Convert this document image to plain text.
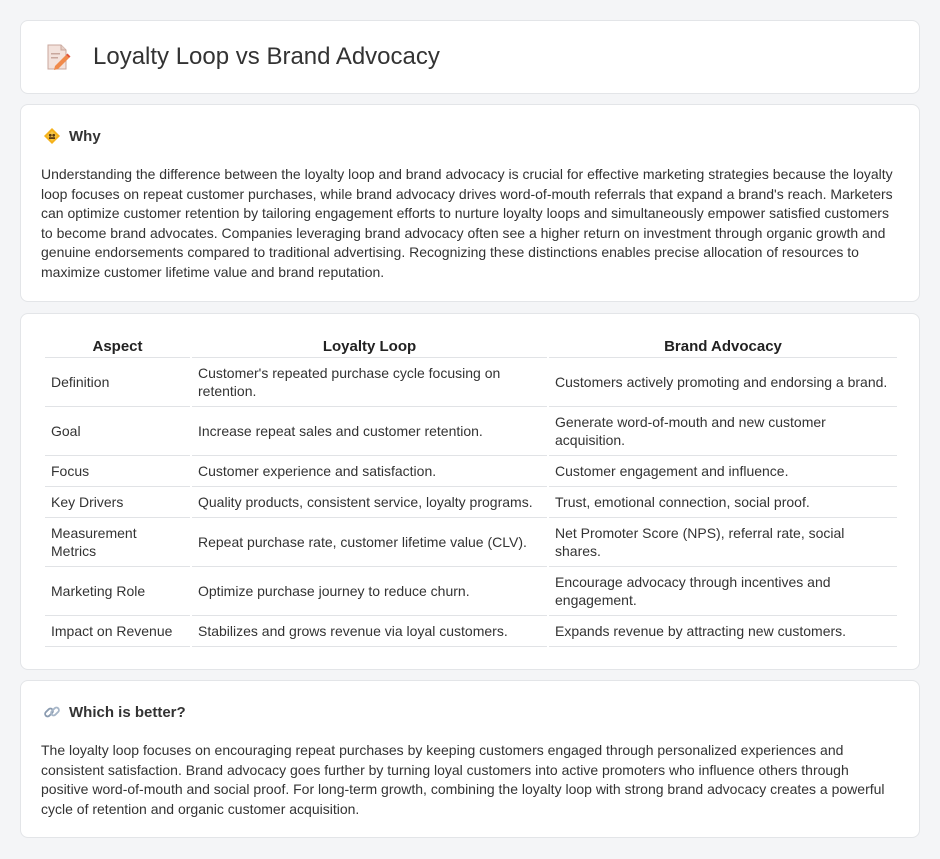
Loyalty Loop vs Brand Advocacy
Why

Understanding the difference between the loyalty loop and brand advocacy is crucial for effective marketing strategies because the loyalty loop focuses on repeat customer purchases, while brand advocacy drives word-of-mouth referrals that expand a brand's reach. Marketers can optimize customer retention by tailoring engagement efforts to nurture loyalty loops and simultaneously empower satisfied customers to become brand advocates. Companies leveraging brand advocacy often see a higher return on investment through organic growth and genuine endorsements compared to traditional advertising. Recognizing these distinctions enables precise allocation of resources to maximize customer lifetime value and brand reputation.

Aspect	Loyalty Loop	Brand Advocacy
Definition	Customer's repeated purchase cycle focusing on retention.	Customers actively promoting and endorsing a brand.
Goal	Increase repeat sales and customer retention.	Generate word-of-mouth and new customer acquisition.
Focus	Customer experience and satisfaction.	Customer engagement and influence.
Key Drivers	Quality products, consistent service, loyalty programs.	Trust, emotional connection, social proof.
Measurement Metrics	Repeat purchase rate, customer lifetime value (CLV).	Net Promoter Score (NPS), referral rate, social shares.
Marketing Role	Optimize purchase journey to reduce churn.	Encourage advocacy through incentives and engagement.
Impact on Revenue	Stabilizes and grows revenue via loyal customers.	Expands revenue by attracting new customers.
Which is better?

The loyalty loop focuses on encouraging repeat purchases by keeping customers engaged through personalized experiences and consistent satisfaction. Brand advocacy goes further by turning loyal customers into active promoters who influence others through positive word-of-mouth and social proof. For long-term growth, combining the loyalty loop with strong brand advocacy creates a powerful cycle of retention and organic customer acquisition.
